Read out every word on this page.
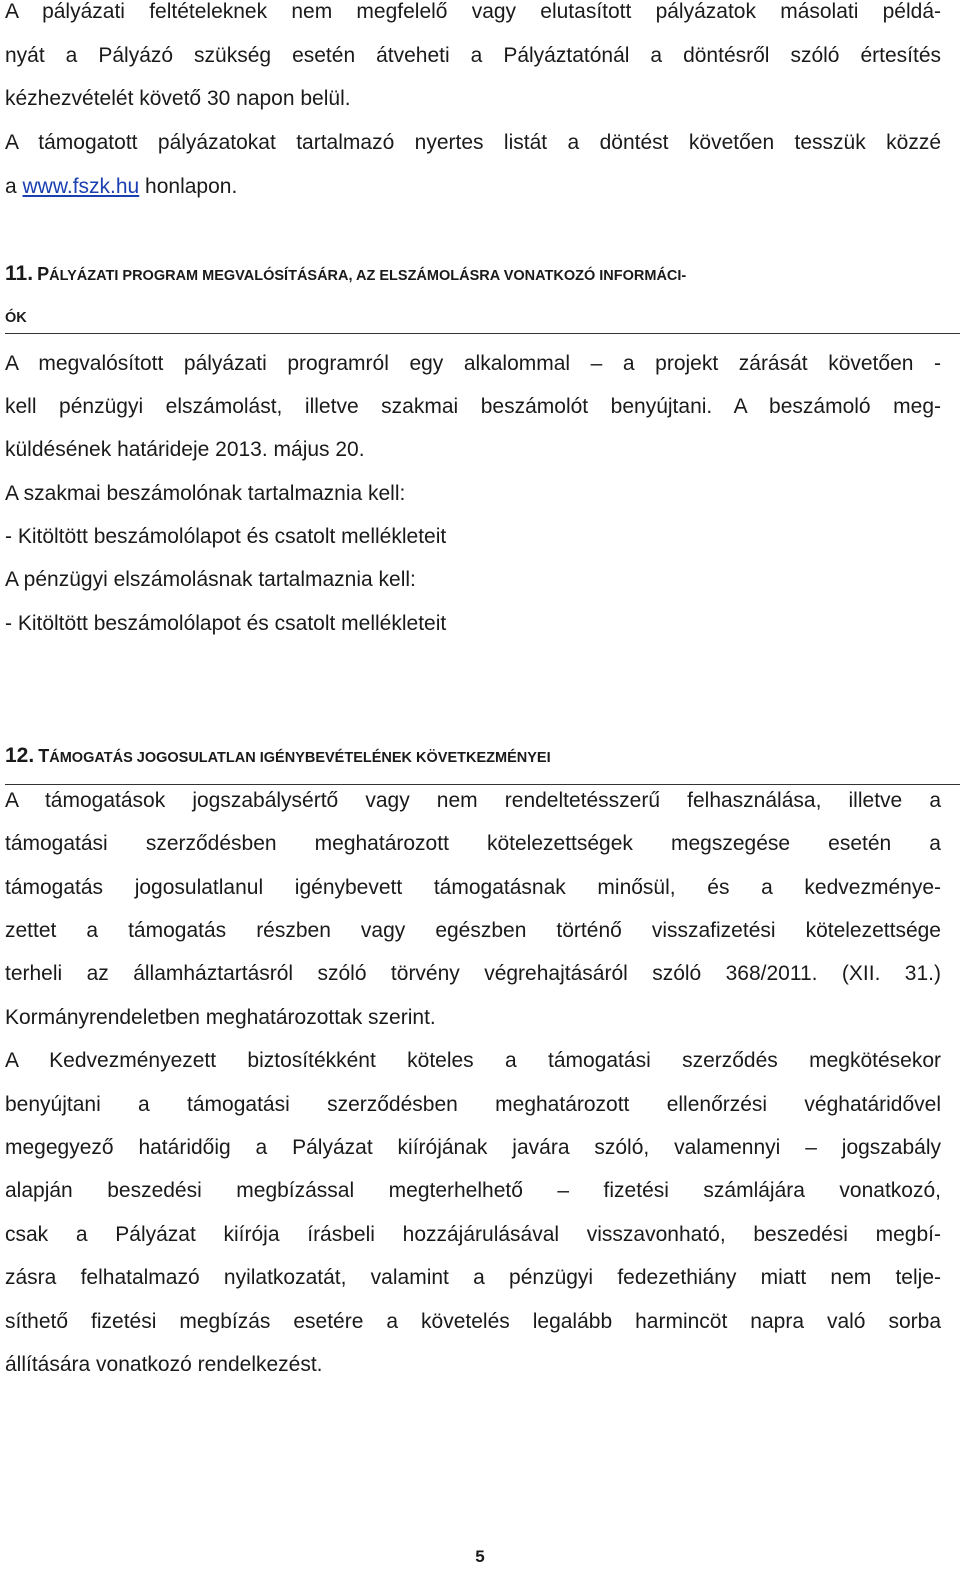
A pályázati feltételeknek nem megfelelő vagy elutasított pályázatok másolati példá-
nyát a Pályázó szükség esetén átveheti a Pályáztatónál a döntésről szóló értesítés
kézhezvételét követő 30 napon belül.
A támogatott pályázatokat tartalmazó nyertes listát a döntést követően tesszük közzé
a www.fszk.hu honlapon.
11. PÁLYÁZATI PROGRAM MEGVALÓSÍTÁSÁRA, AZ ELSZÁMOLÁSRA VONATKOZÓ INFORMÁCI-
ÓK
A megvalósított pályázati programról egy alkalommal – a projekt zárását követően -
kell pénzügyi elszámolást, illetve szakmai beszámolót benyújtani. A beszámoló meg-
küldésének határideje 2013. május 20.
A szakmai beszámolónak tartalmaznia kell:
- Kitöltött beszámolólapot és csatolt mellékleteit
A pénzügyi elszámolásnak tartalmaznia kell:
- Kitöltött beszámolólapot és csatolt mellékleteit
12. TÁMOGATÁS JOGOSULATLAN IGÉNYBEVÉTELÉNEK KÖVETKEZMÉNYEI
A támogatások jogszabálysértő vagy nem rendeltetésszerű felhasználása, illetve a
támogatási szerződésben meghatározott kötelezettségek megszegése esetén a
támogatás jogosulatlanul igénybevett támogatásnak minősül, és a kedvezménye-
zettet a támogatás részben vagy egészben történő visszafizetési kötelezettsége
terheli az államháztartásról szóló törvény végrehajtásáról szóló 368/2011. (XII. 31.)
Kormányrendeletben meghatározottak szerint.
A Kedvezményezett biztosítékként köteles a támogatási szerződés megkötésekor
benyújtani a támogatási szerződésben meghatározott ellenőrzési véghatáridővel
megegyező határidőig a Pályázat kiírójának javára szóló, valamennyi – jogszabály
alapján beszedési megbízással megterhelhető – fizetési számlájára vonatkozó,
csak a Pályázat kiírója írásbeli hozzájárulásával visszavonható, beszedési megbí-
zásra felhatalmazó nyilatkozatát, valamint a pénzügyi fedezethiány miatt nem telje-
síthető fizetési megbízás esetére a követelés legalább harmincöt napra való sorba
állítására vonatkozó rendelkezést.
5
